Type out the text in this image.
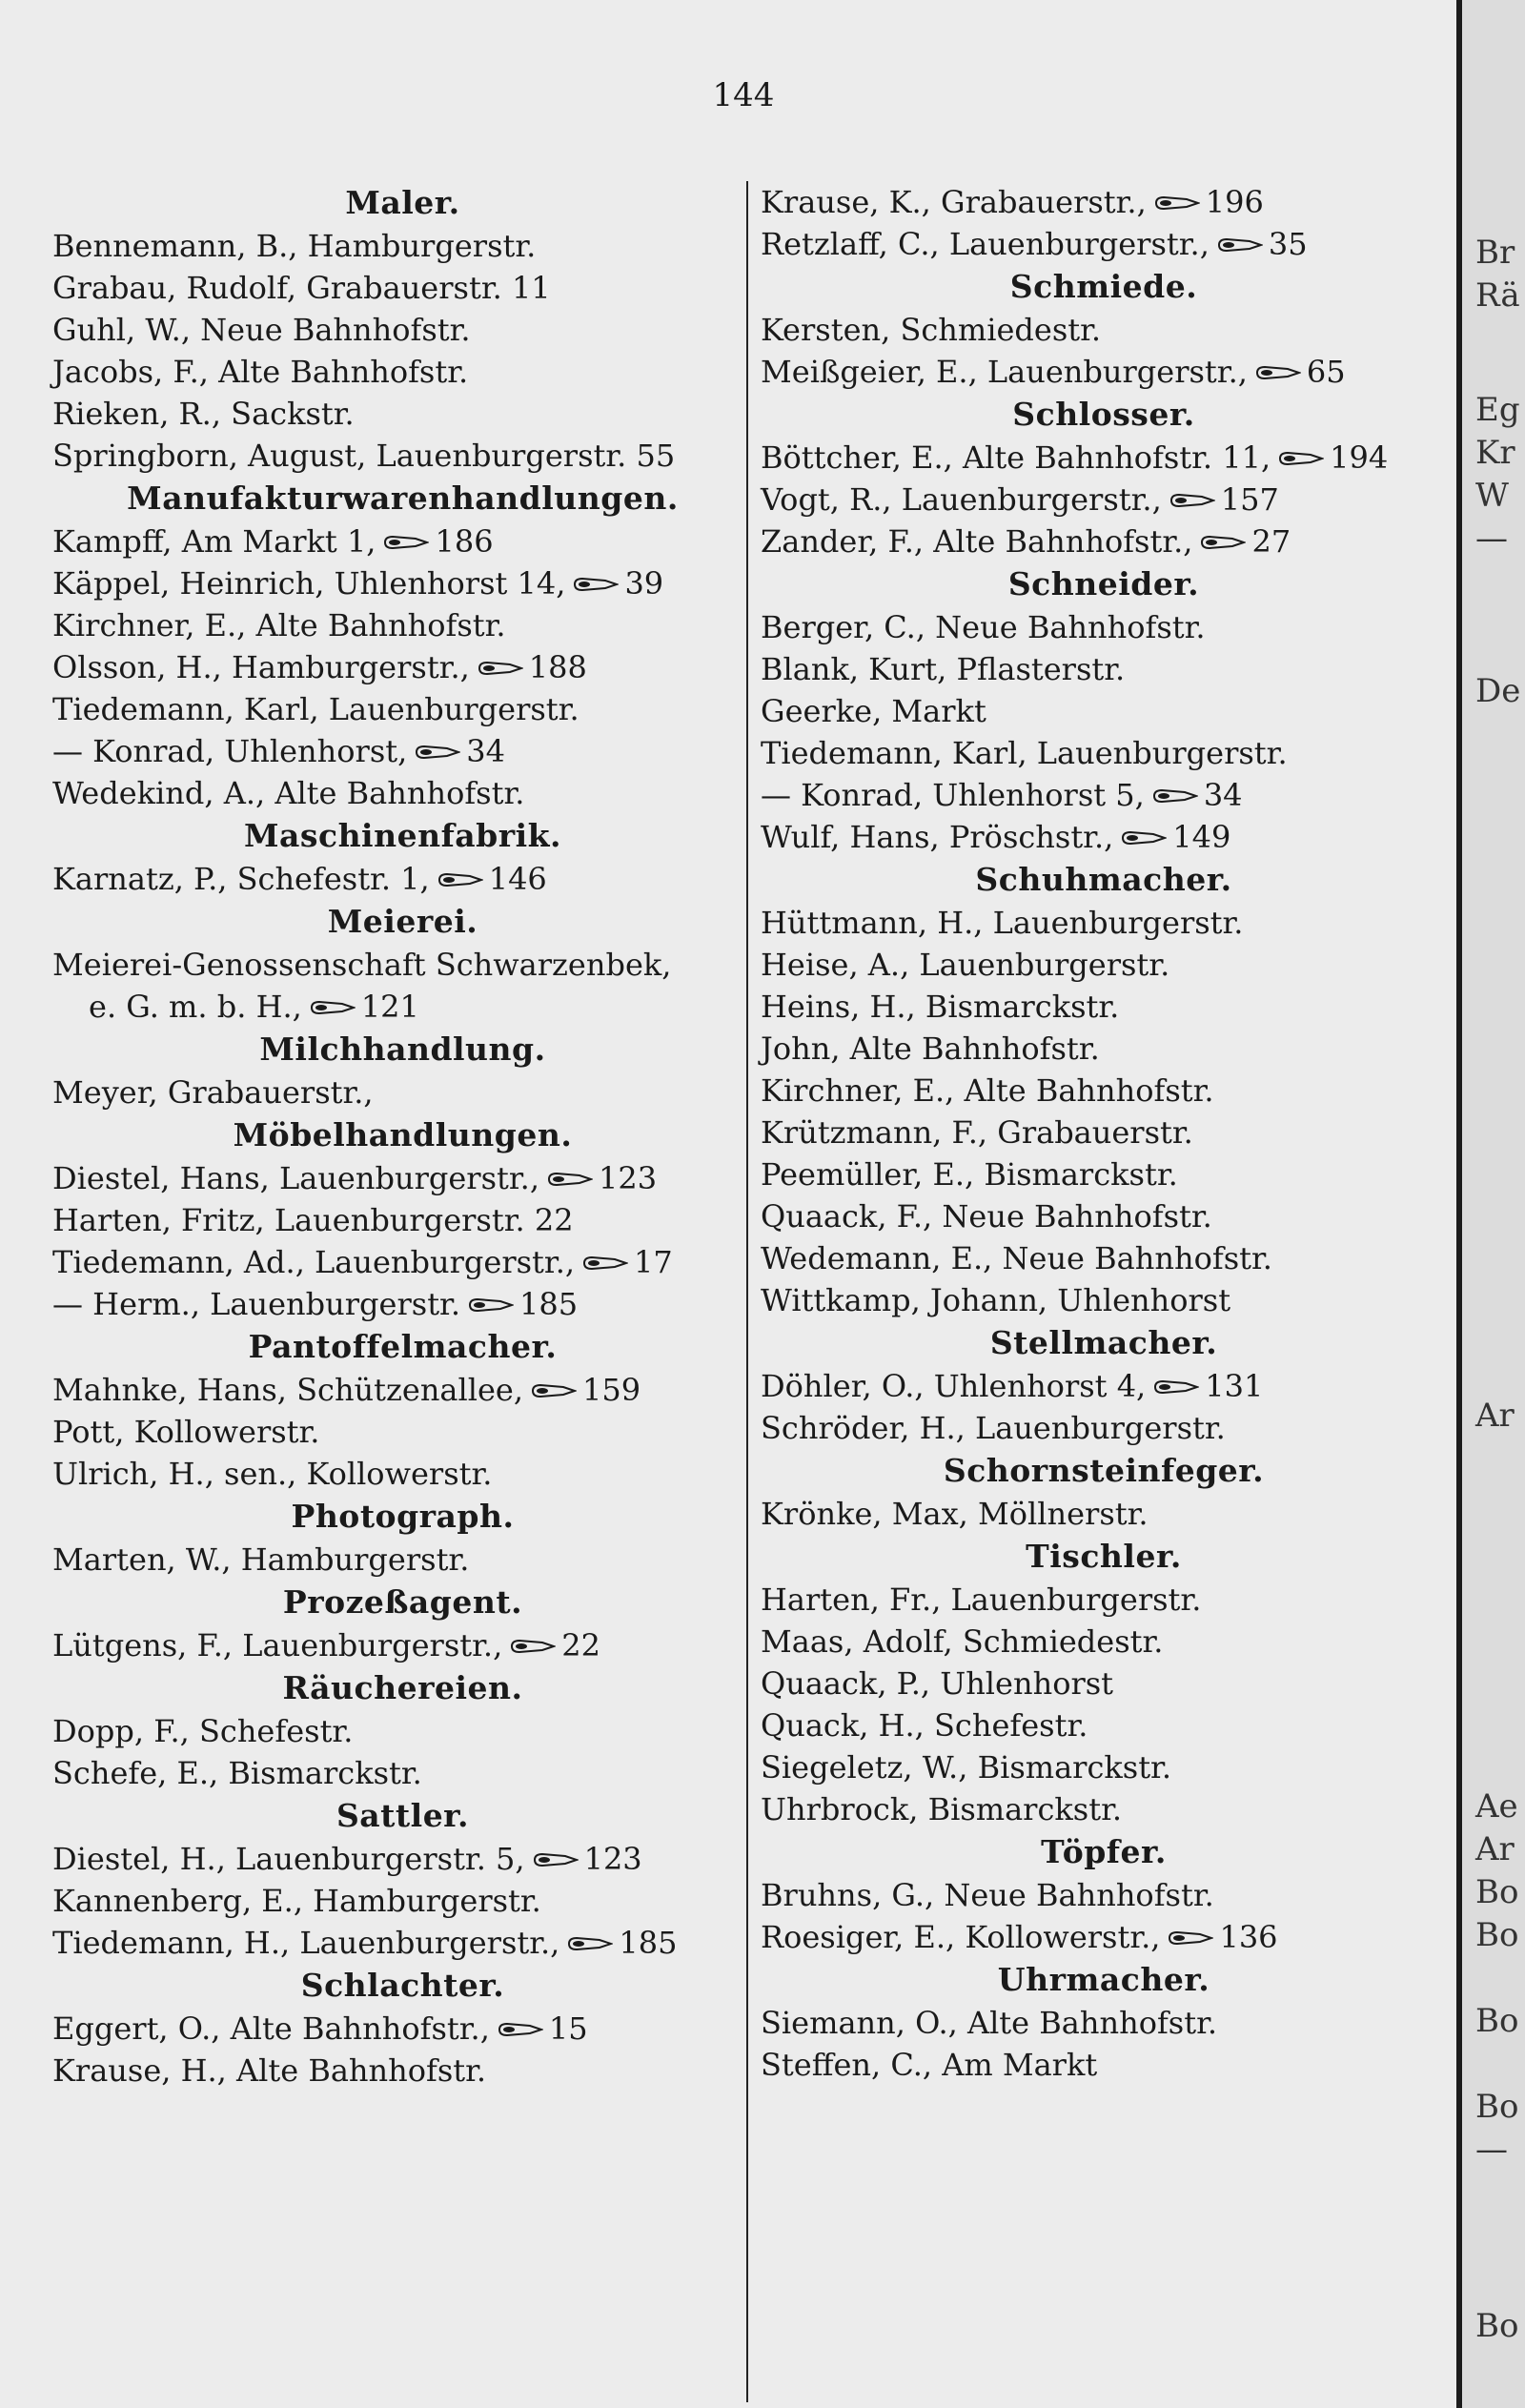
144
Maler.
Bennemann, B., Hamburgerstr.
Grabau, Rudolf, Grabauerstr. 11
Guhl, W., Neue Bahnhofstr.
Jacobs, F., Alte Bahnhofstr.
Rieken, R., Sackstr.
Springborn, August, Lauenburgerstr. 55
Manufakturwarenhandlungen.
Kampff, Am Markt 1, 186
Käppel, Heinrich, Uhlenhorst 14, 39
Kirchner, E., Alte Bahnhofstr.
Olsson, H., Hamburgerstr., 188
Tiedemann, Karl, Lauenburgerstr.
— Konrad, Uhlenhorst, 34
Wedekind, A., Alte Bahnhofstr.
Maschinenfabrik.
Karnatz, P., Schefestr. 1, 146
Meierei.
Meierei-Genossenschaft Schwarzenbek,
e. G. m. b. H., 121
Milchhandlung.
Meyer, Grabauerstr.,
Möbelhandlungen.
Diestel, Hans, Lauenburgerstr., 123
Harten, Fritz, Lauenburgerstr. 22
Tiedemann, Ad., Lauenburgerstr., 17
— Herm., Lauenburgerstr. 185
Pantoffelmacher.
Mahnke, Hans, Schützenallee, 159
Pott, Kollowerstr.
Ulrich, H., sen., Kollowerstr.
Photograph.
Marten, W., Hamburgerstr.
Prozeßagent.
Lütgens, F., Lauenburgerstr., 22
Räuchereien.
Dopp, F., Schefestr.
Schefe, E., Bismarckstr.
Sattler.
Diestel, H., Lauenburgerstr. 5, 123
Kannenberg, E., Hamburgerstr.
Tiedemann, H., Lauenburgerstr., 185
Schlachter.
Eggert, O., Alte Bahnhofstr., 15
Krause, H., Alte Bahnhofstr.
Krause, K., Grabauerstr., 196
Retzlaff, C., Lauenburgerstr., 35
Schmiede.
Kersten, Schmiedestr.
Meißgeier, E., Lauenburgerstr., 65
Schlosser.
Böttcher, E., Alte Bahnhofstr. 11, 194
Vogt, R., Lauenburgerstr., 157
Zander, F., Alte Bahnhofstr., 27
Schneider.
Berger, C., Neue Bahnhofstr.
Blank, Kurt, Pflasterstr.
Geerke, Markt
Tiedemann, Karl, Lauenburgerstr.
— Konrad, Uhlenhorst 5, 34
Wulf, Hans, Pröschstr., 149
Schuhmacher.
Hüttmann, H., Lauenburgerstr.
Heise, A., Lauenburgerstr.
Heins, H., Bismarckstr.
John, Alte Bahnhofstr.
Kirchner, E., Alte Bahnhofstr.
Krützmann, F., Grabauerstr.
Peemüller, E., Bismarckstr.
Quaack, F., Neue Bahnhofstr.
Wedemann, E., Neue Bahnhofstr.
Wittkamp, Johann, Uhlenhorst
Stellmacher.
Döhler, O., Uhlenhorst 4, 131
Schröder, H., Lauenburgerstr.
Schornsteinfeger.
Krönke, Max, Möllnerstr.
Tischler.
Harten, Fr., Lauenburgerstr.
Maas, Adolf, Schmiedestr.
Quaack, P., Uhlenhorst
Quack, H., Schefestr.
Siegeletz, W., Bismarckstr.
Uhrbrock, Bismarckstr.
Töpfer.
Bruhns, G., Neue Bahnhofstr.
Roesiger, E., Kollowerstr., 136
Uhrmacher.
Siemann, O., Alte Bahnhofstr.
Steffen, C., Am Markt
Br
Rä
Eg
Kr
W
—
De
Ar
Ae
Ar
Bo
Bo
Bo
Bo
—
Bo
